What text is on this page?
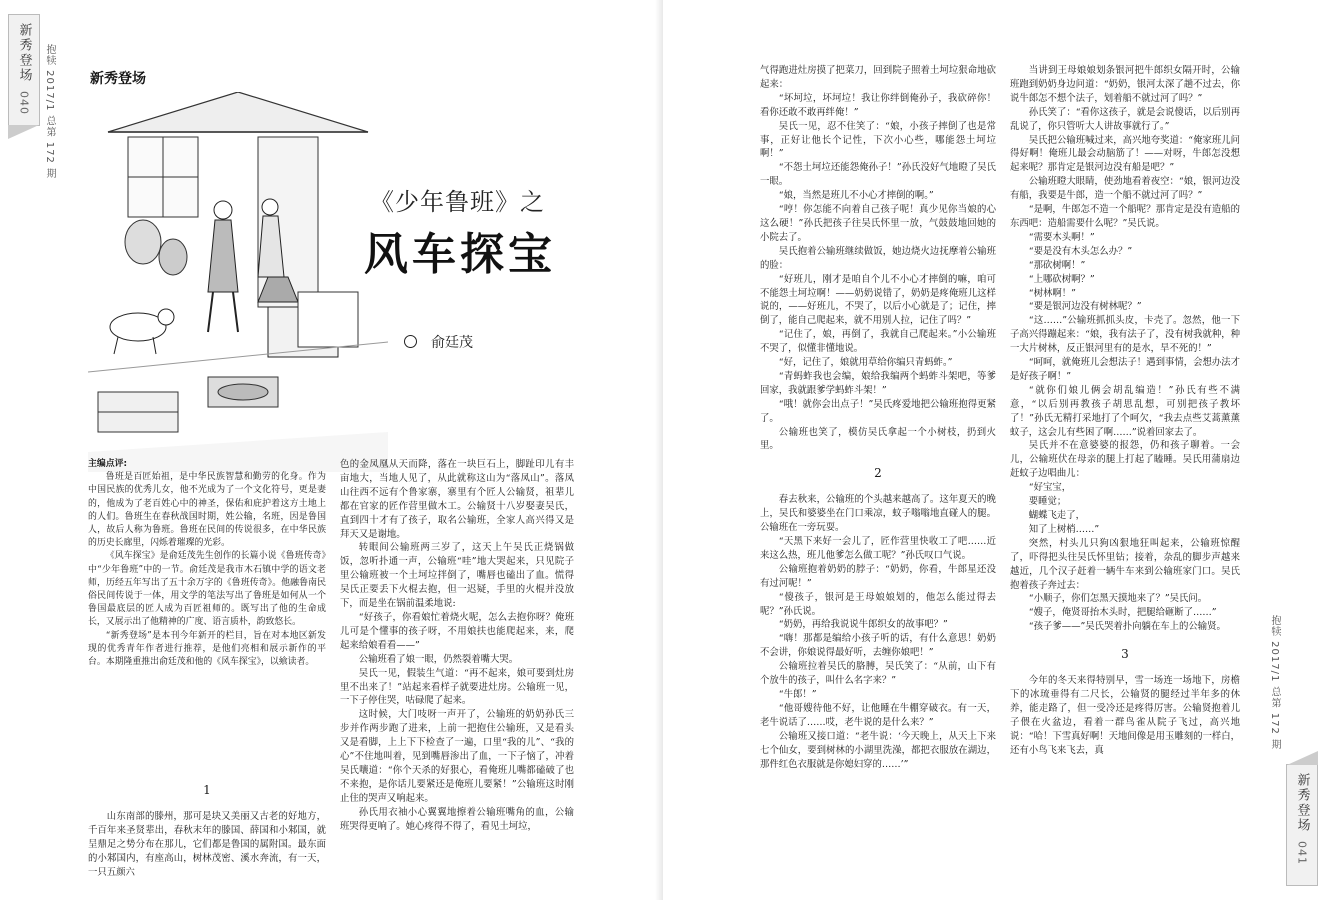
新秀登场
040 抱犊 2017/1 总第 172 期	新秀登场
《少年鲁班》之
风车探宝
俞廷茂

主编点评:

鲁班是百匠始祖，是中华民族智慧和勤劳的化身。作为中国民族的优秀儿女，他不光成为了一个文化符号，更是妻的，他成为了老百姓心中的神圣，保佑和庇护着这方土地上的人们。鲁班生在春秋战国时期，姓公输，名班，因是鲁国人，故后人称为鲁班。鲁班在民间的传说很多，在中华民族的历史长廊里，闪烁着璀璨的光彩。

《风车探宝》是俞廷茂先生创作的长篇小说《鲁班传奇》中“少年鲁班”中的一节。俞廷茂是我市木石镇中学的语文老师，历经五年写出了五十余万字的《鲁班传奇》。他融鲁南民俗民间传说于一体，用文学的笔法写出了鲁班是如何从一个鲁国最底层的匠人成为百匠祖师的。既写出了他的生命成长，又展示出了他精神的广度、语言质朴，韵致悠长。

“新秀登场”是本刊今年新开的栏目，旨在对本地区新发现的优秀青年作者进行推荐，是他们亮相和展示新作的平台。本期隆重推出俞廷茂和他的《风车探宝》，以飨读者。

1

山东南部的滕州，那可是块又美丽又古老的好地方，千百年来圣贤辈出，春秋末年的滕国、薛国和小邾国，就呈鼎足之势分布在那儿，它们都是鲁国的属附国。最东面的小邾国内，有座高山，树林茂密、溪水奔流，有一天，一只五颜六

色的金凤凰从天而降，落在一块巨石上，脚趾印儿有丰亩地大，当地人见了，从此就称这山为“落凤山”。落凤山往西不远有个鲁家寨，寨里有个匠人公输贤，祖辈儿都在官家的匠作营里做木工。公输贤十八岁娶妻吴氏，直到四十才有了孩子，取名公输班，全家人高兴得又是拜天又是谢地。

转眼间公输班两三岁了，这天上午吴氏正烧锅做饭，忽听扑通一声，公输班“哇”地大哭起来，只见院子里公输班被一个土坷垃拌倒了，嘴唇也磕出了血。慌得吴氏正要丢下火棍去抱，但一迟疑，手里的火棍并没放下，而是坐在锅前温柔地说:

“好孩子，你看娘忙着烧火呢，怎么去抱你呀？俺班儿可是个懂事的孩子呀，不用娘扶也能爬起来，来，爬起来给娘看看——”

公输班看了娘一眼，仍然裂着嘴大哭。

吴氏一见，假装生气道：“再不起来，娘可要到灶房里不出来了！”站起来看样子就要进灶房。公输班一见，一下子停住哭，咕碌爬了起来。

这时候，大门吱呀一声开了，公输班的奶奶孙氏三步并作两步跑了进来，上前一把抱住公输班，又是看头又是看脚，上上下下检查了一遍，口里“我的儿”、“我的心”不住地叫着，见到嘴唇渗出了血，一下子恼了，冲着吴氏嚷道：“你个天杀的好狠心，看俺班儿嘴都磕破了也不来抱，是你话儿要紧还是俺班儿要紧！”公输班这时刚止住的哭声又响起来。

孙氏用衣袖小心翼翼地擦着公输班嘴角的血，公输班哭得更响了。她心疼得不得了，看见土坷垃，

气得跑进灶房摸了把菜刀，回到院子照着土坷垃狠命地砍起来：

“坏坷垃，坏坷垃！我让你绊倒俺孙子，我砍碎你！看你还敢不敢再绊俺！”

吴氏一见，忍不住笑了：“娘，小孩子摔倒了也是常事，正好让他长个记性，下次小心些，哪能怨土坷垃啊！”

“不怨土坷垃还能怨俺孙子！”孙氏没好气地瞪了吴氏一眼。

“娘，当然是班儿不小心才摔倒的啊。”

“哼！你怎能不向着自己孩子呢！真少见你当娘的心这么硬！”孙氏把孩子往吴氏怀里一放，气鼓鼓地回她的小院去了。

吴氏抱着公输班继续做饭，她边烧火边抚摩着公输班的脸：

“好班儿，刚才是咱自个儿不小心才摔倒的嘛，咱可不能怨土坷垃啊！——奶奶说错了，奶奶是疼俺班儿这样说的，——好班儿，不哭了，以后小心就是了；记住，摔倒了，能自己爬起来，就不用别人拉，记住了吗？”

“记住了，娘，再倒了，我就自己爬起来。”小公输班不哭了，似懂非懂地说。

“好，记住了，娘就用草给你编只青蚂蚱。”

“青蚂蚱我也会编，娘给我编两个蚂蚱斗架吧，等爹回家，我就跟爹学蚂蚱斗架！”

“哦！就你会出点子！”吴氏疼爱地把公输班抱得更紧了。

公输班也笑了，模仿吴氏拿起一个小树枝，扔到火里。

2

春去秋来，公输班的个头越来越高了。这年夏天的晚上，吴氏和婆婆坐在门口乘凉，蚊子嗡嗡地直碰人的腿。公输班在一旁玩耍。

“天黑下来好一会儿了，匠作营里快收工了吧……近来这么热，班儿他爹怎么做工呢？”孙氏叹口气说。

公输班抱着奶奶的脖子：“奶奶，你看，牛郎星还没有过河呢！”

“傻孩子，银河是王母娘娘划的，他怎么能过得去呢？”孙氏说。

“奶奶，再给我说说牛郎织女的故事吧？”

“嗨！那都是编给小孩子听的话，有什么意思！奶奶不会讲，你娘说得最好听，去缠你娘吧！”

公输班拉着吴氏的胳膊，吴氏笑了：“从前，山下有个放牛的孩子，叫什么名字来？”

“牛郎！”

“他哥嫂待他不好，让他睡在牛棚穿破衣。有一天，老牛说话了……哎，老牛说的是什么来？”

公输班又接口道：“老牛说：‘今天晚上，从天上下来七个仙女，要到树林的小湖里洗澡，都把衣服放在湖边，那件红色衣服就是你媳妇穿的……’”

当讲到王母娘娘划条银河把牛郎织女隔开时，公输班跑到奶奶身边问道：“奶奶，银河太深了趟不过去，你说牛郎怎不想个法子，划着船不就过河了吗？”

孙氏笑了：“看你这孩子，就是会说傻话，以后别再乱说了，你只管听大人讲故事就行了。”

吴氏把公输班喊过来，高兴地夸奖道：“俺家班儿问得好啊！俺班儿最会动脑筋了！——对呀，牛郎怎没想起来呢？那肯定是银河边没有船是吧？”

公输班瞪大眼睛，使劲地看着夜空：“娘，银河边没有船，我要是牛郎，造一个船不就过河了吗？”

“是啊，牛郎怎不造一个船呢？那肯定是没有造船的东西吧：造船需要什么呢？”吴氏说。

“需要木头啊！”

“要是没有木头怎么办？”

“那砍树啊！”

“上哪砍树啊？”

“树林啊！”

“要是银河边没有树林呢？”

“这……”公输班抓抓头皮，卡壳了。忽然，他一下子高兴得蹦起来：“娘，我有法子了，没有树我就种，种一大片树林，反正银河里有的是水，旱不死的！”

“呵呵，就俺班儿会想法子！遇到事情，会想办法才是好孩子啊！”

“就你们娘儿俩会胡乱编造！”孙氏有些不满意，“以后别再教孩子胡思乱想，可别把孩子教坏了！”孙氏无精打采地打了个呵欠，“我去点些艾蒿薰薰蚊子，这会儿有些困了啊……”说着回家去了。

吴氏并不在意婆婆的报怨，仍和孩子聊着。一会儿，公输班伏在母亲的腿上打起了瞌睡。吴氏用蒲扇边赶蚊子边唱曲儿：

“好宝宝，

要睡觉；

蝴蝶飞走了，

知了上树梢……”

突然，村头儿只狗凶狠地狂叫起来，公输班惊醒了，吓得把头往吴氏怀里钻；接着，杂乱的脚步声越来越近，几个汉子赶着一辆牛车来到公输班家门口。吴氏抱着孩子奔过去：

“小顺子，你们怎黑天摸地来了？”吴氏问。

“嫂子，俺贤哥抬木头时，把腿给砸断了……”

“孩子爹——”吴氏哭着扑向躺在车上的公输贤。

3

今年的冬天来得特别早，雪一场连一场地下，房檐下的冰琉垂得有二尺长，公输贤的腿经过半年多的休养，能走路了，但一受冷还是疼得厉害。公输贤抱着儿子偎在火盆边，看着一群鸟雀从院子飞过，高兴地说：“哈！下雪真好啊！天地间像是用玉雕刻的一样白，还有小鸟飞来飞去，真

抱犊 2017/1 总第 172 期
新秀登场
041
